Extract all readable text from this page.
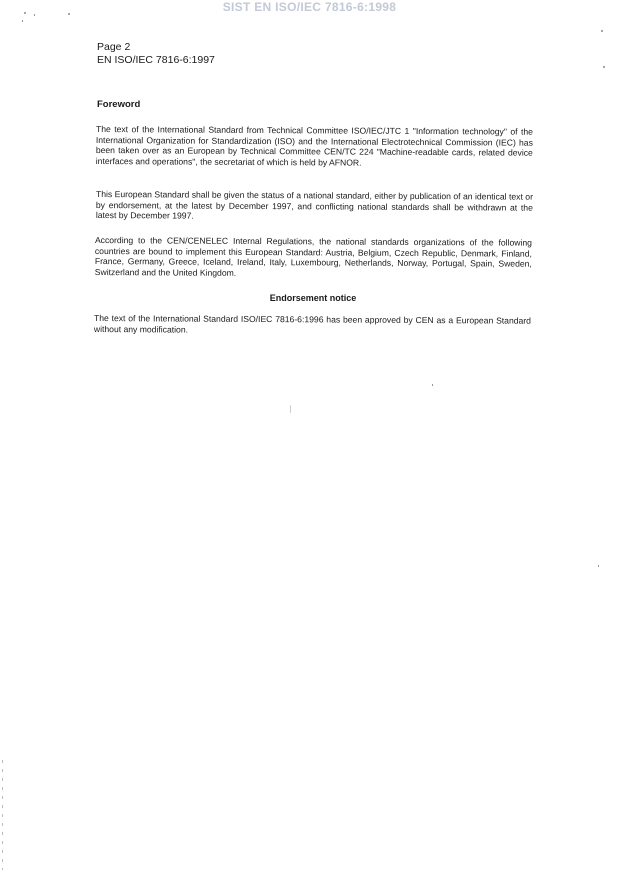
SIST EN ISO/IEC 7816-6:1998
Page 2
EN ISO/IEC 7816-6:1997
Foreword
The text of the International Standard from Technical Committee ISO/IEC/JTC 1 "Information technology" of the International Organization for Standardization (ISO) and the International Electrotechnical Commission (IEC) has been taken over as an European by Technical Committee CEN/TC 224 "Machine-readable cards, related device interfaces and operations", the secretariat of which is held by AFNOR.
This European Standard shall be given the status of a national standard, either by publication of an identical text or by endorsement, at the latest by December 1997, and conflicting national standards shall be withdrawn at the latest by December 1997.
According to the CEN/CENELEC Internal Regulations, the national standards organizations of the following countries are bound to implement this European Standard: Austria, Belgium, Czech Republic, Denmark, Finland, France, Germany, Greece, Iceland, Ireland, Italy, Luxembourg, Netherlands, Norway, Portugal, Spain, Sweden, Switzerland and the United Kingdom.
Endorsement notice
The text of the International Standard ISO/IEC 7816-6:1996 has been approved by CEN as a European Standard without any modification.
